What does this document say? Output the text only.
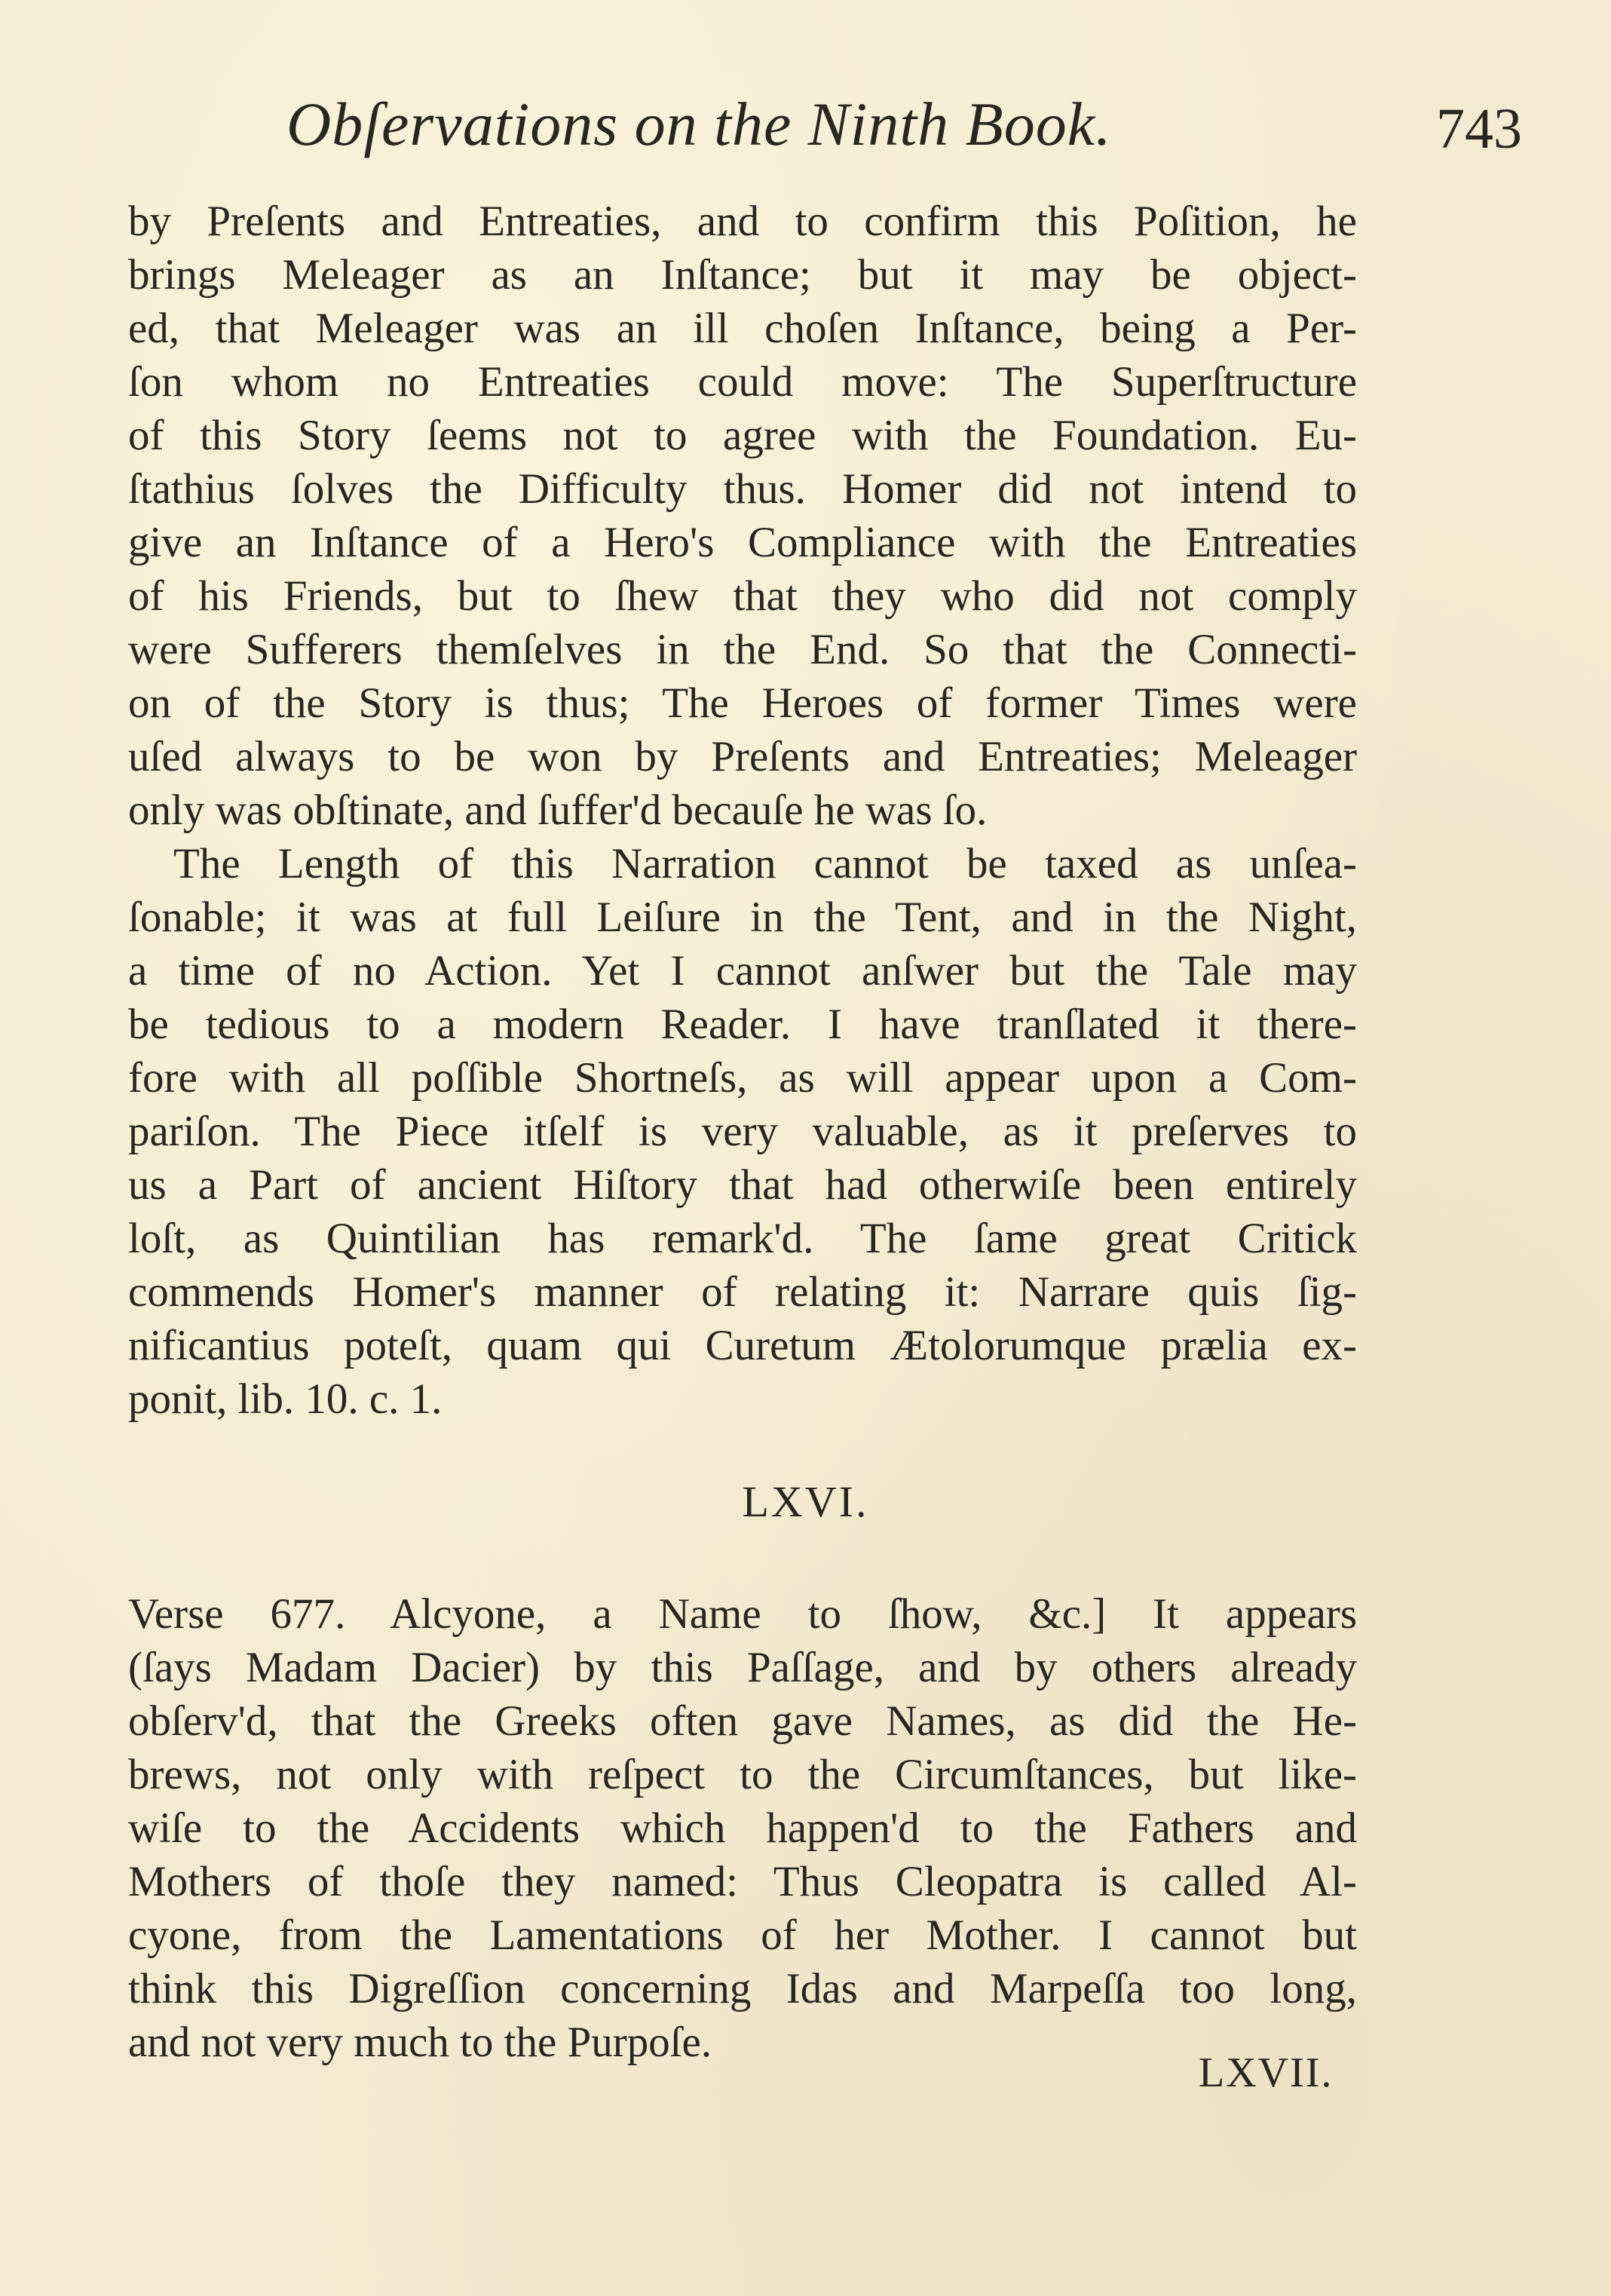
Obſervations on the Ninth Book.	743
by Preſents and Entreaties, and to confirm this Poſition, he
brings Meleager as an Inſtance; but it may be object-
ed, that Meleager was an ill choſen Inſtance, being a Per-
ſon whom no Entreaties could move: The Superſtructure
of this Story ſeems not to agree with the Foundation. Eu-
ſtathius ſolves the Difficulty thus. Homer did not intend to
give an Inſtance of a Hero's Compliance with the Entreaties
of his Friends, but to ſhew that they who did not comply
were Sufferers themſelves in the End. So that the Connecti-
on of the Story is thus; The Heroes of former Times were
uſed always to be won by Preſents and Entreaties; Meleager
only was obſtinate, and ſuffer'd becauſe he was ſo.
The Length of this Narration cannot be taxed as unſea-
ſonable; it was at full Leiſure in the Tent, and in the Night,
a time of no Action. Yet I cannot anſwer but the Tale may
be tedious to a modern Reader. I have tranſlated it there-
fore with all poſſible Shortneſs, as will appear upon a Com-
pariſon. The Piece itſelf is very valuable, as it preſerves to
us a Part of ancient Hiſtory that had otherwiſe been entirely
loſt, as Quintilian has remark'd. The ſame great Critick
commends Homer's manner of relating it: Narrare quis ſig-
nificantius poteſt, quam qui Curetum Ætolorumque prælia ex-
ponit, lib. 10. c. 1.
LXVI.
Verse 677. Alcyone, a Name to ſhow, &c.] It appears
(ſays Madam Dacier) by this Paſſage, and by others already
obſerv'd, that the Greeks often gave Names, as did the He-
brews, not only with reſpect to the Circumſtances, but like-
wiſe to the Accidents which happen'd to the Fathers and
Mothers of thoſe they named: Thus Cleopatra is called Al-
cyone, from the Lamentations of her Mother. I cannot but
think this Digreſſion concerning Idas and Marpeſſa too long,
and not very much to the Purpoſe.
LXVII.
